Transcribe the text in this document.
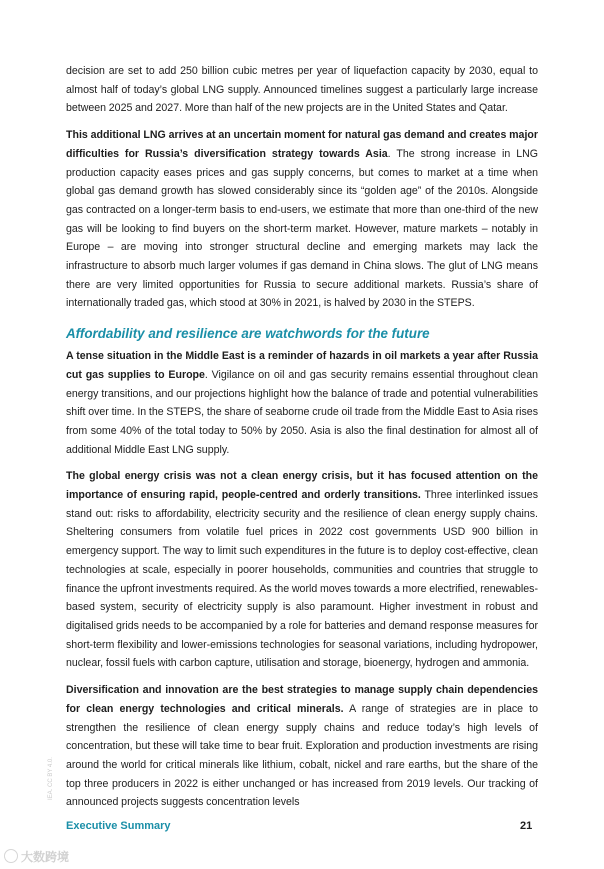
decision are set to add 250 billion cubic metres per year of liquefaction capacity by 2030, equal to almost half of today’s global LNG supply. Announced timelines suggest a particularly large increase between 2025 and 2027. More than half of the new projects are in the United States and Qatar.

This additional LNG arrives at an uncertain moment for natural gas demand and creates major difficulties for Russia’s diversification strategy towards Asia. The strong increase in LNG production capacity eases prices and gas supply concerns, but comes to market at a time when global gas demand growth has slowed considerably since its “golden age” of the 2010s. Alongside gas contracted on a longer-term basis to end-users, we estimate that more than one-third of the new gas will be looking to find buyers on the short-term market. However, mature markets – notably in Europe – are moving into stronger structural decline and emerging markets may lack the infrastructure to absorb much larger volumes if gas demand in China slows. The glut of LNG means there are very limited opportunities for Russia to secure additional markets. Russia’s share of internationally traded gas, which stood at 30% in 2021, is halved by 2030 in the STEPS.

Affordability and resilience are watchwords for the future

A tense situation in the Middle East is a reminder of hazards in oil markets a year after Russia cut gas supplies to Europe. Vigilance on oil and gas security remains essential throughout clean energy transitions, and our projections highlight how the balance of trade and potential vulnerabilities shift over time. In the STEPS, the share of seaborne crude oil trade from the Middle East to Asia rises from some 40% of the total today to 50% by 2050. Asia is also the final destination for almost all of additional Middle East LNG supply.

The global energy crisis was not a clean energy crisis, but it has focused attention on the importance of ensuring rapid, people-centred and orderly transitions. Three interlinked issues stand out: risks to affordability, electricity security and the resilience of clean energy supply chains. Sheltering consumers from volatile fuel prices in 2022 cost governments USD 900 billion in emergency support. The way to limit such expenditures in the future is to deploy cost-effective, clean technologies at scale, especially in poorer households, communities and countries that struggle to finance the upfront investments required. As the world moves towards a more electrified, renewables-based system, security of electricity supply is also paramount. Higher investment in robust and digitalised grids needs to be accompanied by a role for batteries and demand response measures for short-term flexibility and lower-emissions technologies for seasonal variations, including hydropower, nuclear, fossil fuels with carbon capture, utilisation and storage, bioenergy, hydrogen and ammonia.

Diversification and innovation are the best strategies to manage supply chain dependencies for clean energy technologies and critical minerals. A range of strategies are in place to strengthen the resilience of clean energy supply chains and reduce today’s high levels of concentration, but these will take time to bear fruit. Exploration and production investments are rising around the world for critical minerals like lithium, cobalt, nickel and rare earths, but the share of the top three producers in 2022 is either unchanged or has increased from 2019 levels. Our tracking of announced projects suggests concentration levels

IEA. CC BY 4.0.
Executive Summary	21
大数跨境
